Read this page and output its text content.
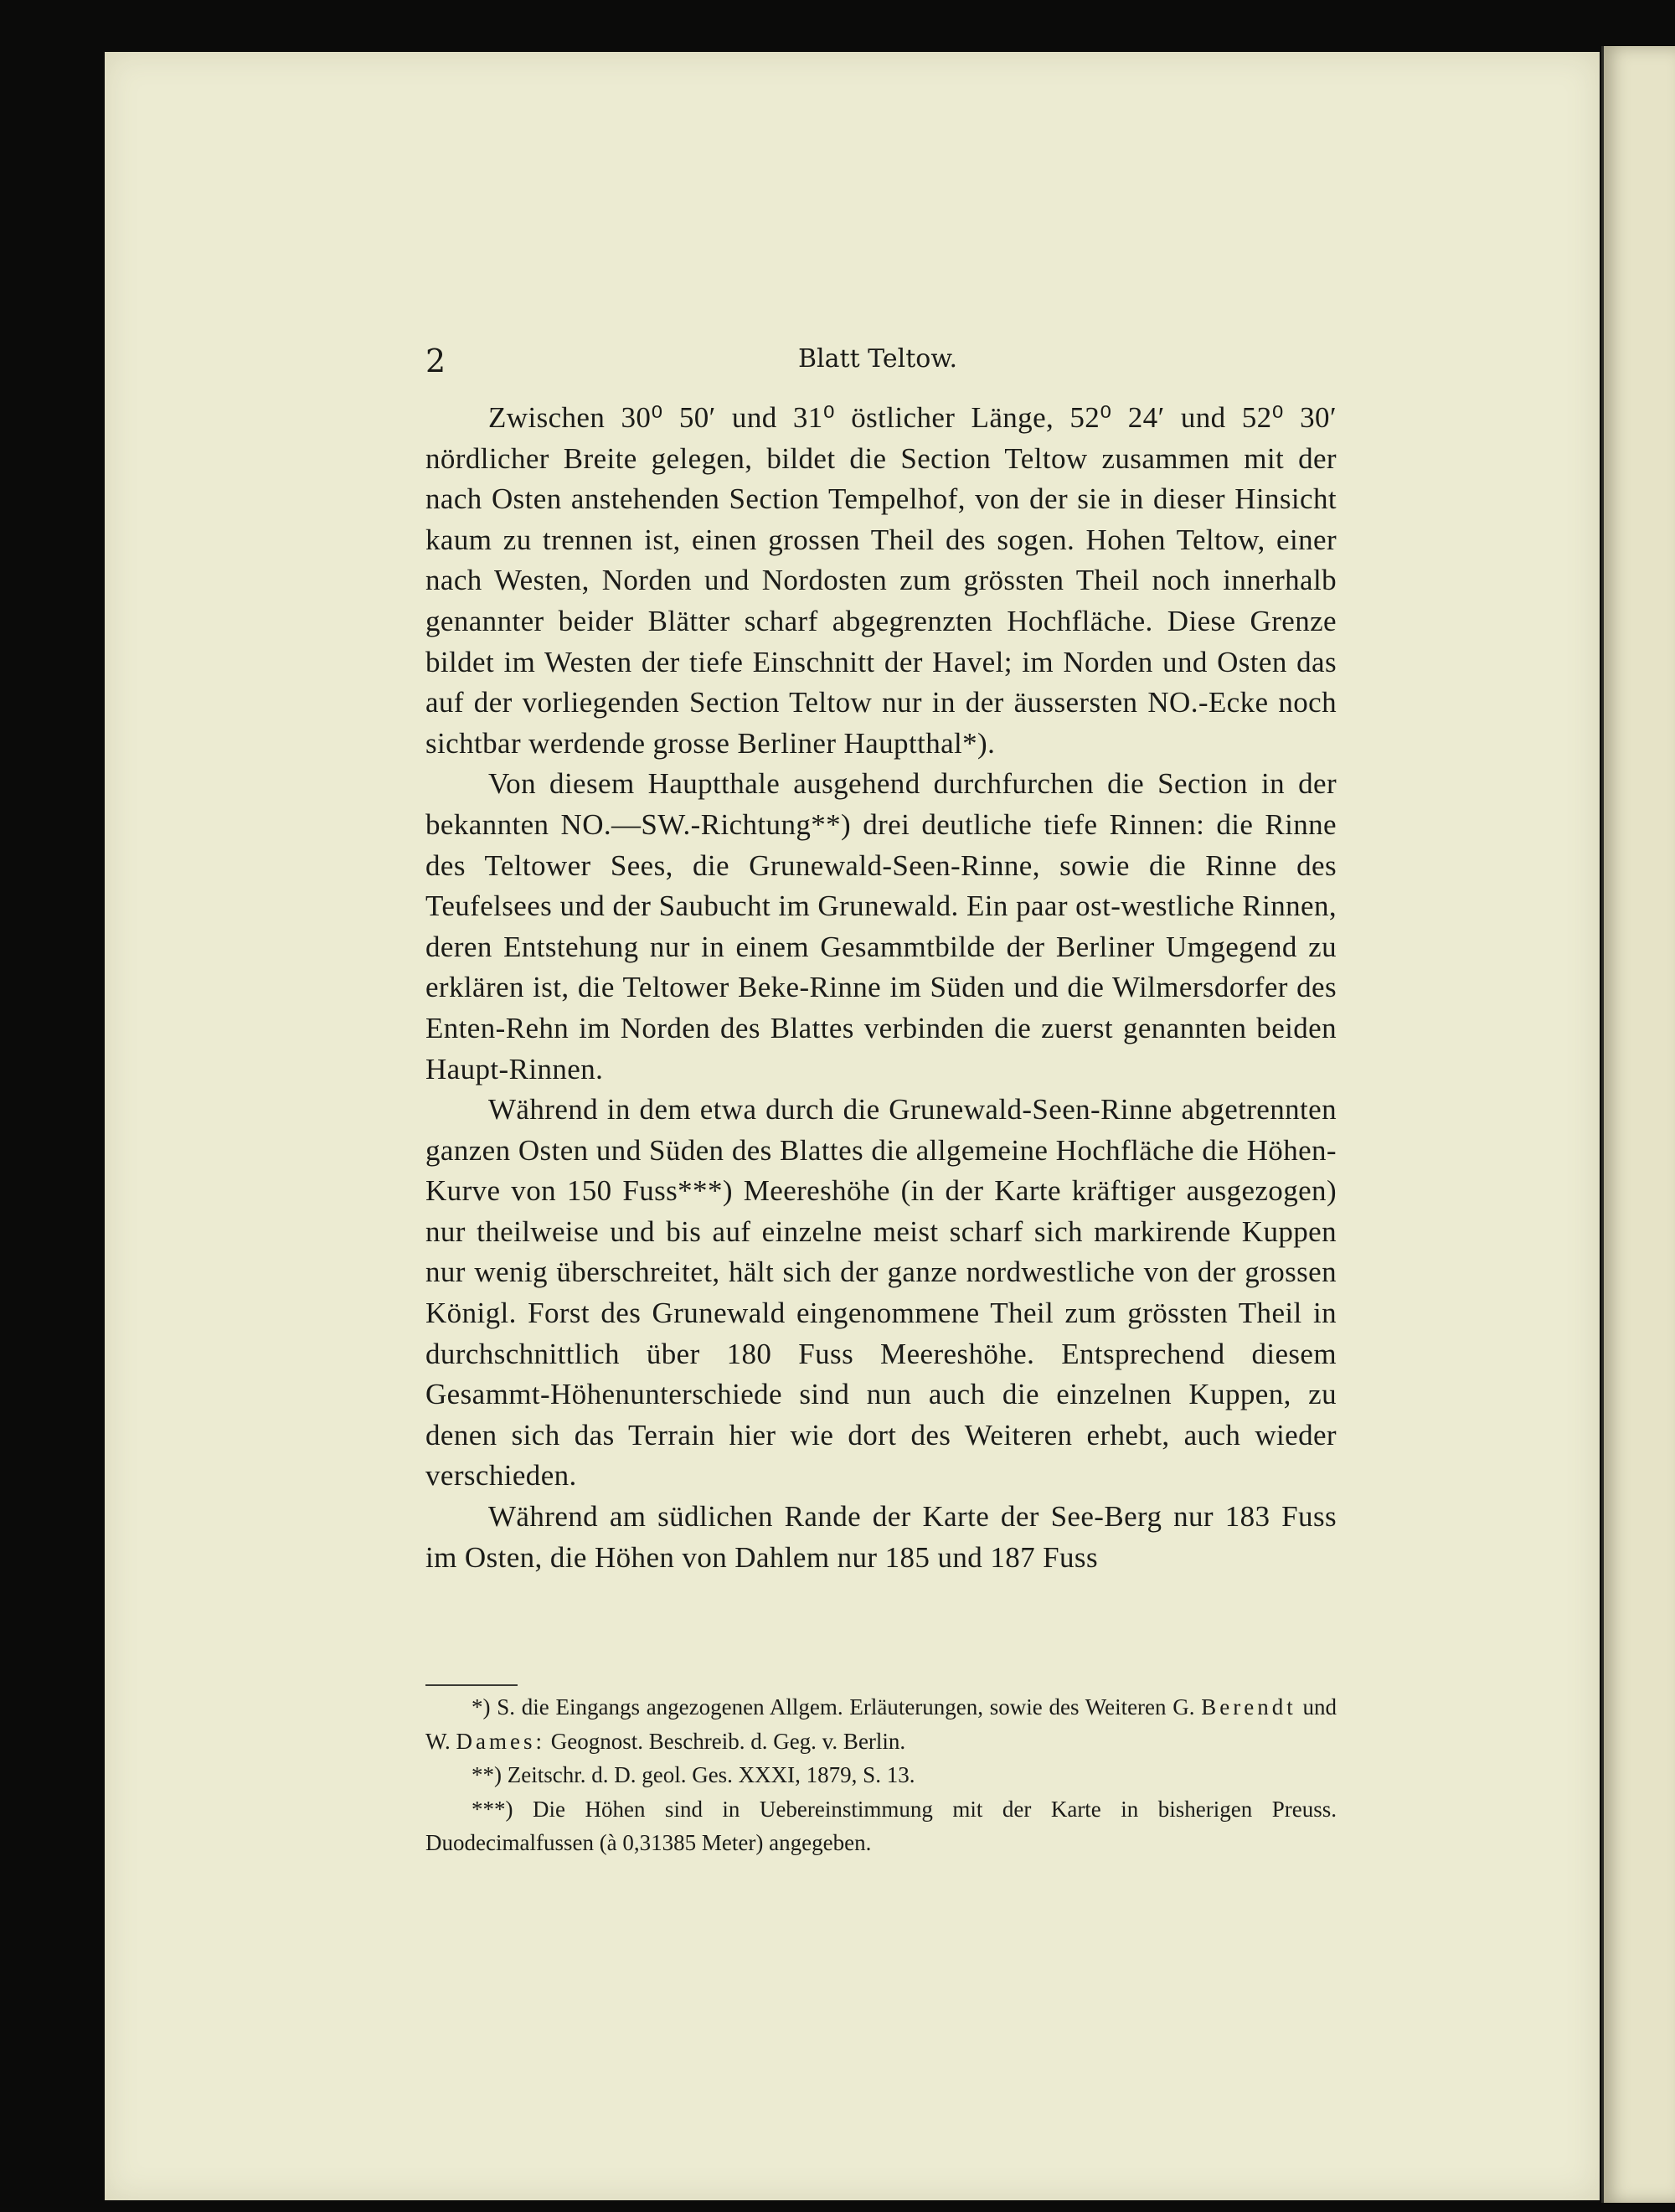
2	Blatt Teltow.

Zwischen 30⁰ 50′ und 31⁰ östlicher Länge, 52⁰ 24′ und 52⁰ 30′ nördlicher Breite gelegen, bildet die Section Teltow zusammen mit der nach Osten anstehenden Section Tempelhof, von der sie in dieser Hinsicht kaum zu trennen ist, einen grossen Theil des sogen. Hohen Teltow, einer nach Westen, Norden und Nordosten zum grössten Theil noch innerhalb genannter beider Blätter scharf abgegrenzten Hochfläche. Diese Grenze bildet im Westen der tiefe Einschnitt der Havel; im Norden und Osten das auf der vorliegenden Section Teltow nur in der äussersten NO.-Ecke noch sichtbar werdende grosse Berliner Hauptthal*).

Von diesem Hauptthale ausgehend durchfurchen die Section in der bekannten NO.—SW.-Richtung**) drei deutliche tiefe Rinnen: die Rinne des Teltower Sees, die Grunewald-Seen-Rinne, sowie die Rinne des Teufelsees und der Saubucht im Grunewald. Ein paar ost-westliche Rinnen, deren Entstehung nur in einem Gesammtbilde der Berliner Umgegend zu erklären ist, die Teltower Beke-Rinne im Süden und die Wilmersdorfer des Enten-Rehn im Norden des Blattes verbinden die zuerst genannten beiden Haupt-Rinnen.

Während in dem etwa durch die Grunewald-Seen-Rinne abgetrennten ganzen Osten und Süden des Blattes die allgemeine Hochfläche die Höhen-Kurve von 150 Fuss***) Meereshöhe (in der Karte kräftiger ausgezogen) nur theilweise und bis auf einzelne meist scharf sich markirende Kuppen nur wenig überschreitet, hält sich der ganze nordwestliche von der grossen Königl. Forst des Grunewald eingenommene Theil zum grössten Theil in durchschnittlich über 180 Fuss Meereshöhe. Entsprechend diesem Gesammt-Höhenunterschiede sind nun auch die einzelnen Kuppen, zu denen sich das Terrain hier wie dort des Weiteren erhebt, auch wieder verschieden.

Während am südlichen Rande der Karte der See-Berg nur 183 Fuss im Osten, die Höhen von Dahlem nur 185 und 187 Fuss

*) S. die Eingangs angezogenen Allgem. Erläuterungen, sowie des Weiteren G. Berendt und W. Dames: Geognost. Beschreib. d. Geg. v. Berlin.

**) Zeitschr. d. D. geol. Ges. XXXI, 1879, S. 13.

***) Die Höhen sind in Uebereinstimmung mit der Karte in bisherigen Preuss. Duodecimalfussen (à 0,31385 Meter) angegeben.
